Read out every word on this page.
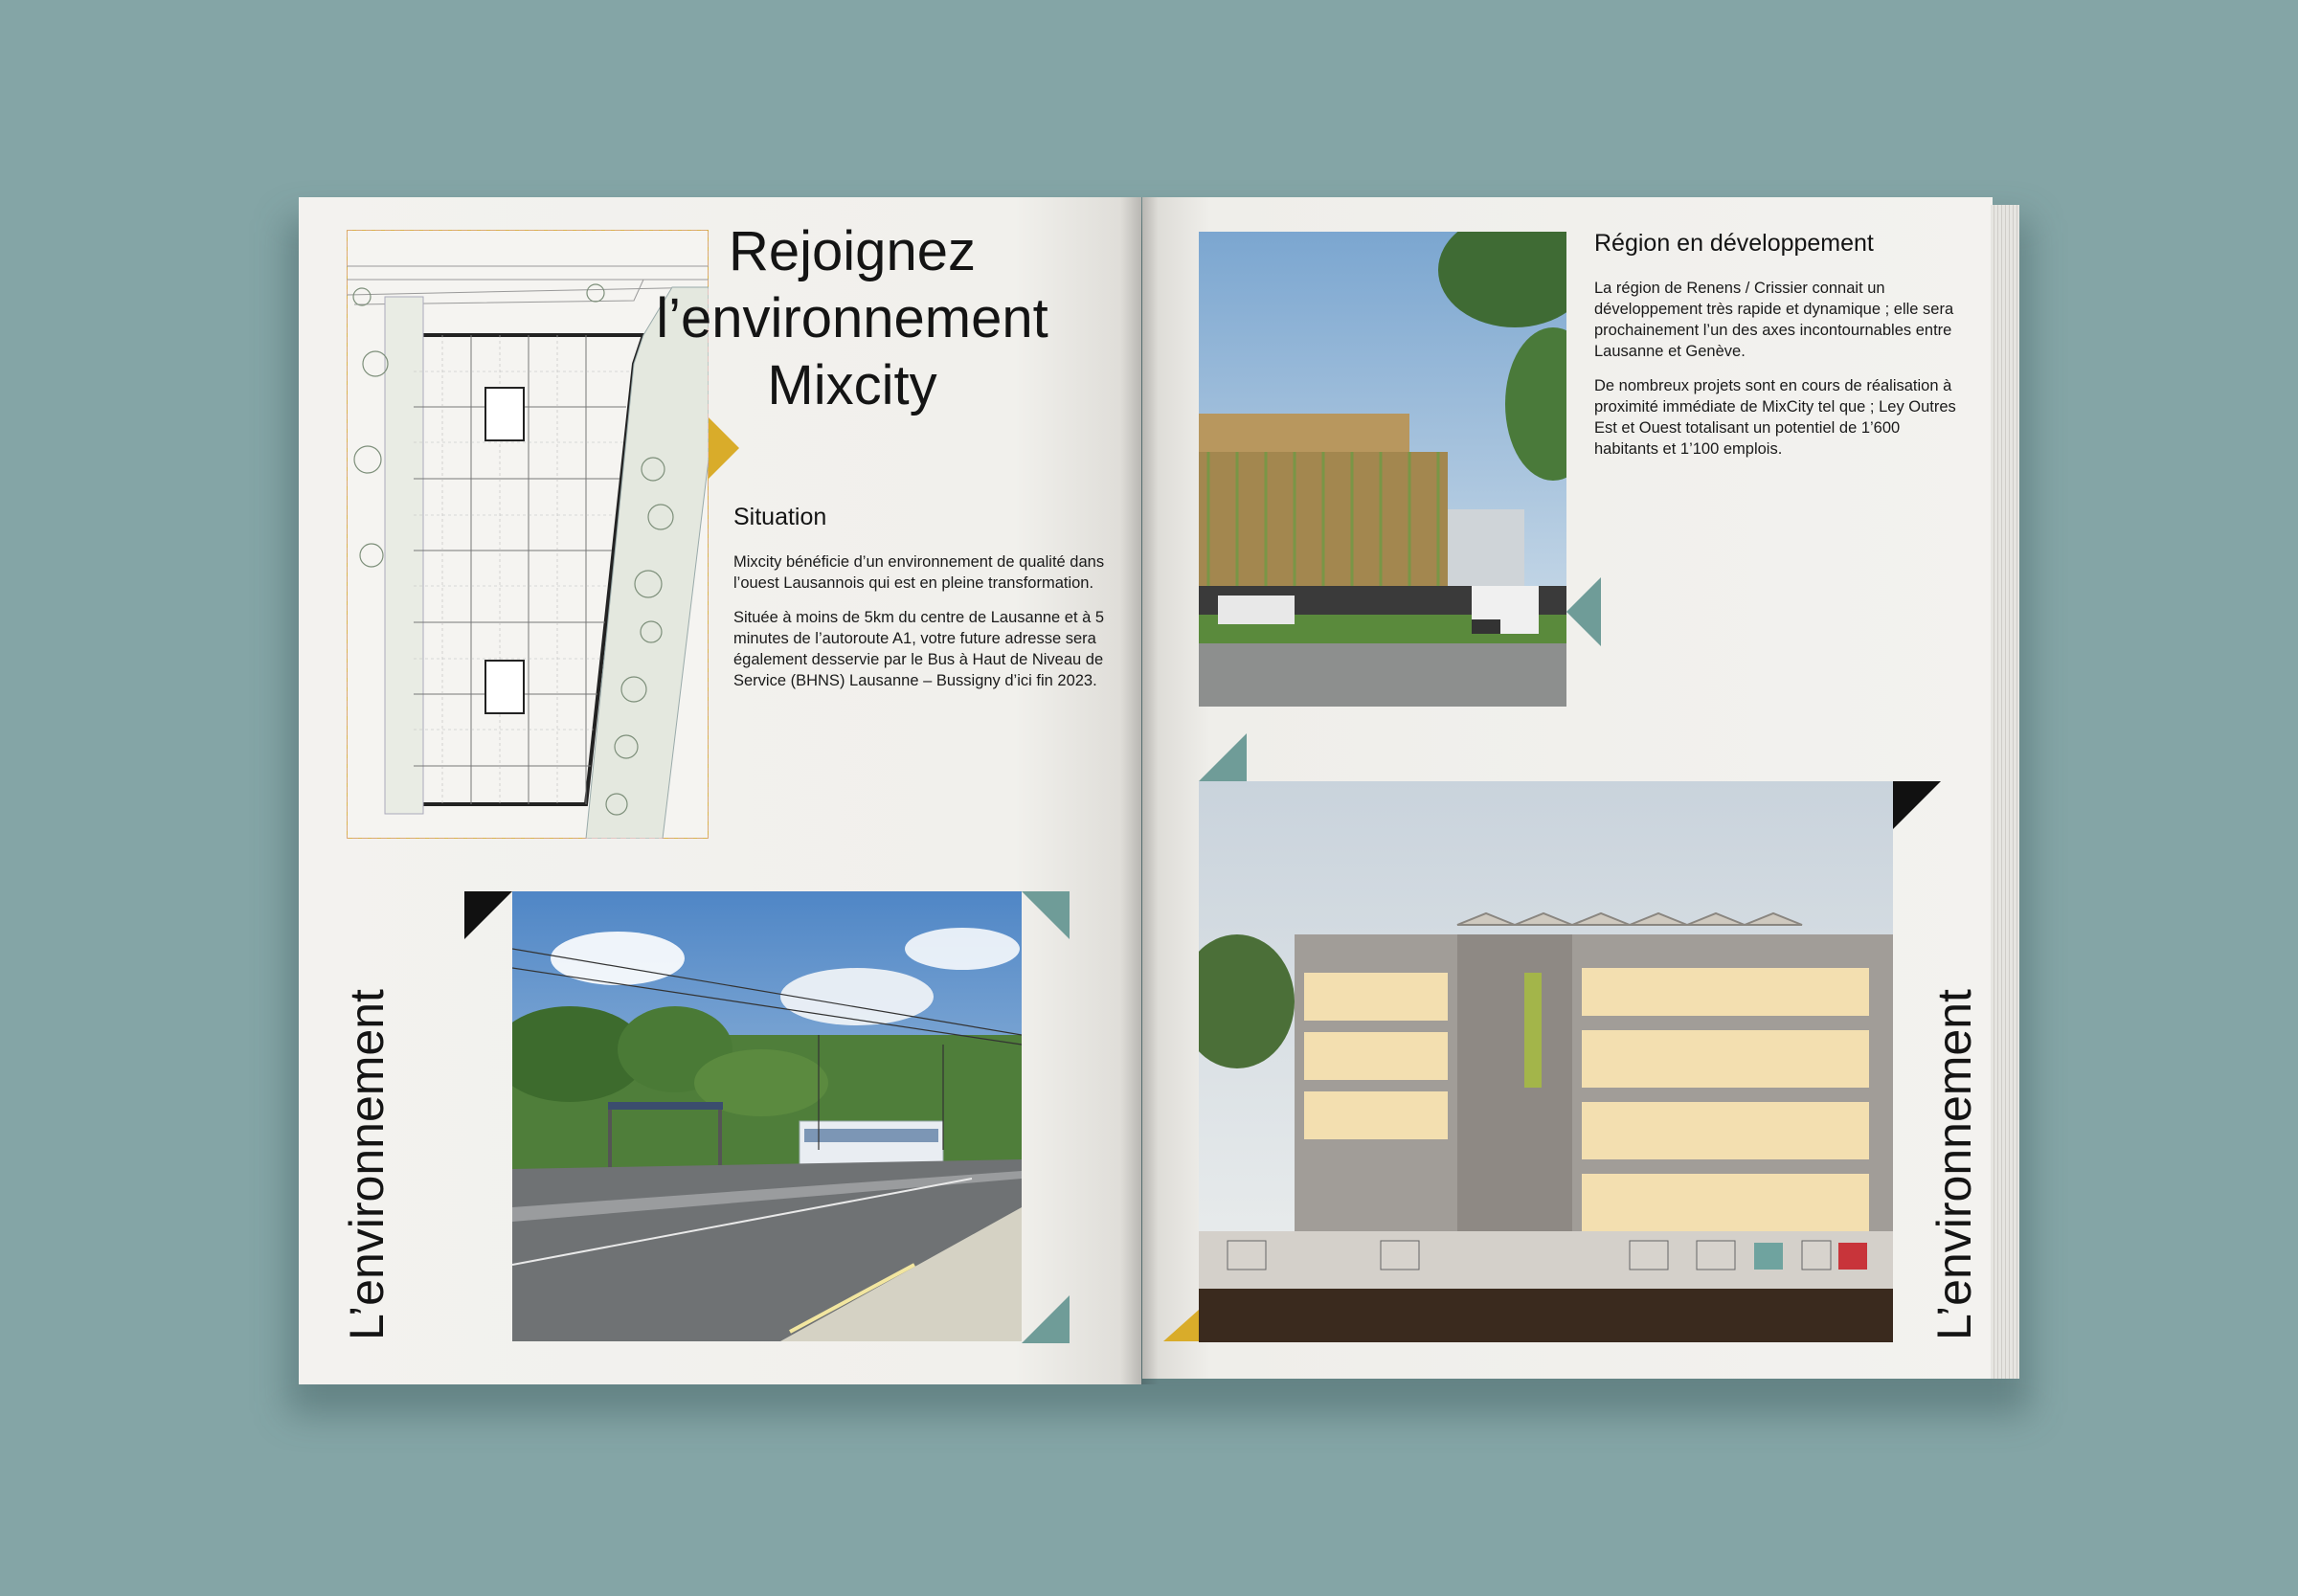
Rejoignez
l’environnement
Mixcity
Situation

Mixcity bénéficie d’un environnement de qualité dans l’ouest Lausannois qui est en pleine transformation.

Située à moins de 5km du centre de Lausanne et à 5 minutes de l’autoroute A1, votre future adresse sera également desservie par le Bus à Haut de Niveau de Service (BHNS) Lausanne – Bussigny d’ici fin 2023.

L’environnement
Région en développement

La région de Renens / Crissier connait un développement très rapide et dynamique ; elle sera prochainement l’un des axes incontournables entre Lausanne et Genève.

De nombreux projets sont en cours de réalisation à proximité immédiate de MixCity tel que ; Ley Outres Est et Ouest totalisant un potentiel de 1’600 habitants et 1’100 emplois.

L’environnement
